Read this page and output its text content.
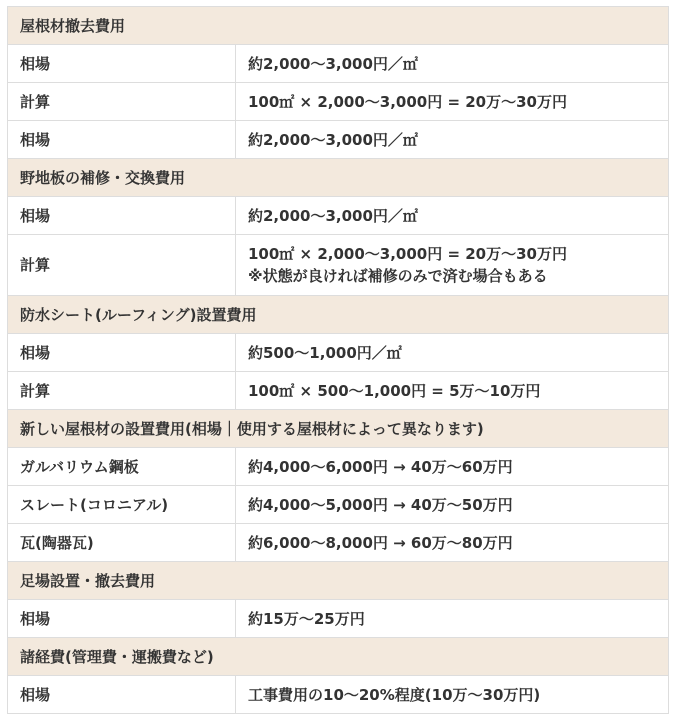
屋根材撤去費用	
相場	約2,000〜3,000円／㎡

計算	100㎡ × 2,000〜3,000円 = 20万〜30万円

相場	約2,000〜3,000円／㎡

野地板の補修・交換費用	
相場	約2,000〜3,000円／㎡

計算	100㎡ × 2,000〜3,000円 = 20万〜30万円
※状態が良ければ補修のみで済む場合もある

防水シート(ルーフィング)設置費用	
相場	約500〜1,000円／㎡

計算	100㎡ × 500〜1,000円 = 5万〜10万円

新しい屋根材の設置費用(相場｜使用する屋根材によって異なります)	
ガルバリウム鋼板	約4,000〜6,000円 → 40万〜60万円

スレート(コロニアル)	約4,000〜5,000円 → 40万〜50万円

瓦(陶器瓦)	約6,000〜8,000円 → 60万〜80万円

足場設置・撤去費用	
相場	約15万〜25万円

諸経費(管理費・運搬費など)	
相場	工事費用の10〜20%程度(10万〜30万円)
